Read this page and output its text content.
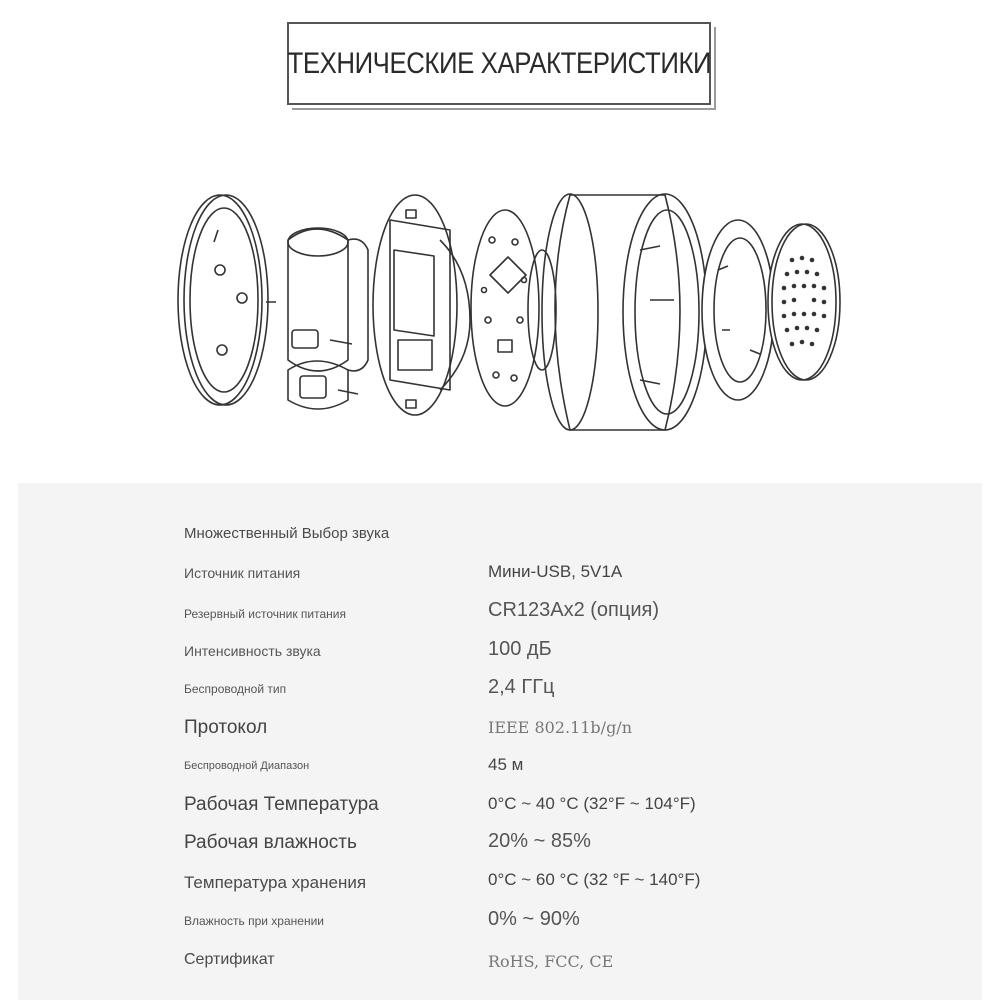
ТЕХНИЧЕСКИЕ ХАРАКТЕРИСТИКИ
Множественный Выбор звука
Источник питания	Мини-USB, 5V1A
Резервный источник питания	CR123Ax2 (опция)
Интенсивность звука	100 дБ
Беспроводной тип	2,4 ГГц
Протокол	IEEE 802.11b/g/n
Беспроводной Диапазон	45 м
Рабочая Температура	0°C ~ 40 °C (32°F ~ 104°F)
Рабочая влажность	20% ~ 85%
Температура хранения	0°C ~ 60 °C (32 °F ~ 140°F)
Влажность при хранении	0% ~ 90%
Сертификат	RoHS, FCC, CE
